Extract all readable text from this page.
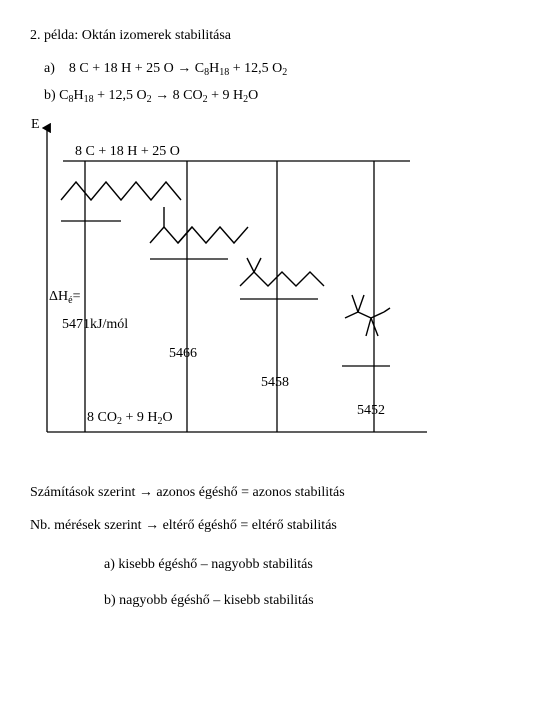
2. példa: Oktán izomerek stabilitása
a) 8 C + 18 H + 25 $O \to C_8H_{18} + 12,5$ $O_2$
b) $C_8H_{18} + 12,5$ $O_2 \to 8$ $CO_2 + 9$ $H_2O$
E
8 C + 18 H + 25 O
$\Delta H_é=$
5471kJ/mól
5466
5458
5452
8 $CO_2 + 9$ $H_2O$
Számítások szerint → azonos égéshő = azonos stabilitás
Nb. mérések szerint → eltérő égéshő = eltérő stabilitás
a) kisebb égéshő – nagyobb stabilitás
b) nagyobb égéshő – kisebb stabilitás
